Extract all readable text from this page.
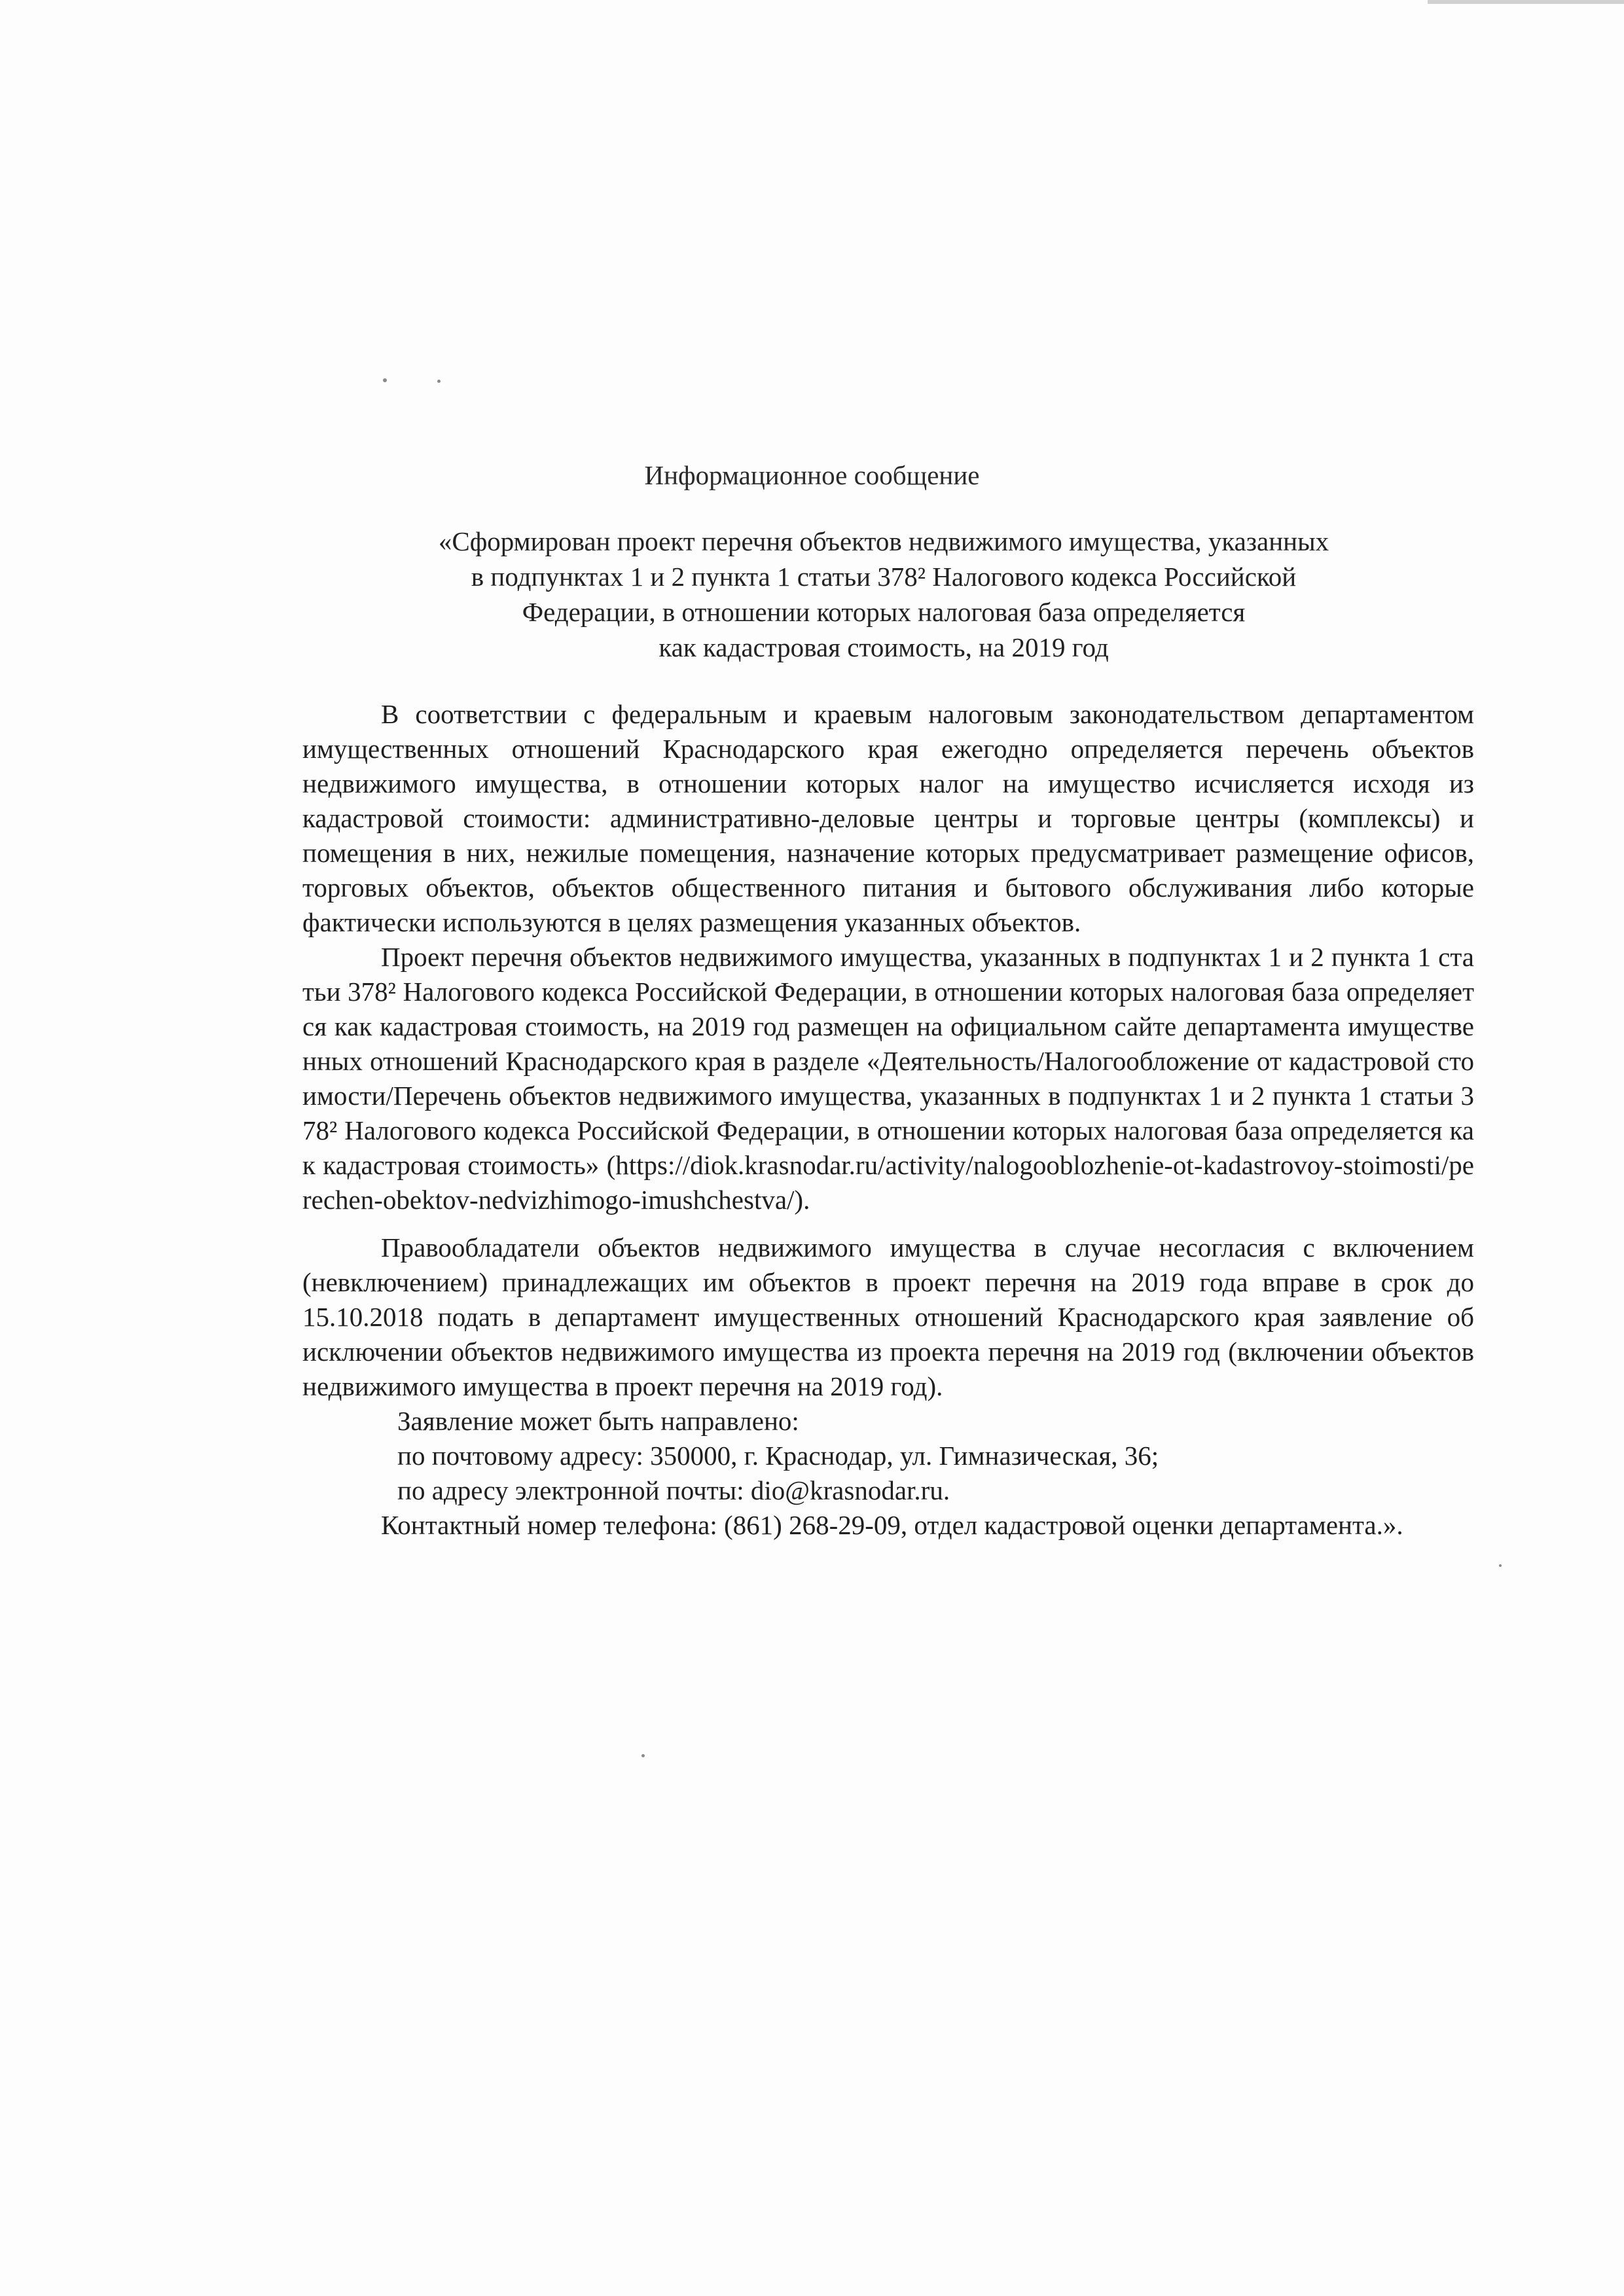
Информационное сообщение
«Сформирован проект перечня объектов недвижимого имущества, указанных
в подпунктах 1 и 2 пункта 1 статьи 378² Налогового кодекса Российской
Федерации, в отношении которых налоговая база определяется
как кадастровая стоимость, на 2019 год

В соответствии с федеральным и краевым налоговым законодательством департаментом имущественных отношений Краснодарского края ежегодно определяется перечень объектов недвижимого имущества, в отношении которых налог на имущество исчисляется исходя из кадастровой стоимости: административно-деловые центры и торговые центры (комплексы) и помещения в них, нежилые помещения, назначение которых предусматривает размещение офисов, торговых объектов, объектов общественного питания и бытового обслуживания либо которые фактически используются в целях размещения указанных объектов.

Проект перечня объектов недвижимого имущества, указанных в подпунктах 1 и 2 пункта 1 статьи 378² Налогового кодекса Российской Федерации, в отношении которых налоговая база определяется как кадастровая стоимость, на 2019 год размещен на официальном сайте департамента имущественных отношений Краснодарского края в разделе «Деятельность/Налогообложение от кадастровой стоимости/Перечень объектов недвижимого имущества, указанных в подпунктах 1 и 2 пункта 1 статьи 378² Налогового кодекса Российской Федерации, в отношении которых налоговая база определяется как кадастровая стоимость» (https://diok.krasnodar.ru/activity/nalogooblozhenie-ot-kadastrovoy-stoimosti/perechen-obektov-nedvizhimogo-imushchestva/).

Правообладатели объектов недвижимого имущества в случае несогласия с включением (невключением) принадлежащих им объектов в проект перечня на 2019 года вправе в срок до 15.10.2018 подать в департамент имущественных отношений Краснодарского края заявление об исключении объектов недвижимого имущества из проекта перечня на 2019 год (включении объектов недвижимого имущества в проект перечня на 2019 год).

Заявление может быть направлено:

по почтовому адресу: 350000, г. Краснодар, ул. Гимназическая, 36;

по адресу электронной почты: dio@krasnodar.ru.

Контактный номер телефона: (861) 268-29-09, отдел кадастровой оценки департамента.».
